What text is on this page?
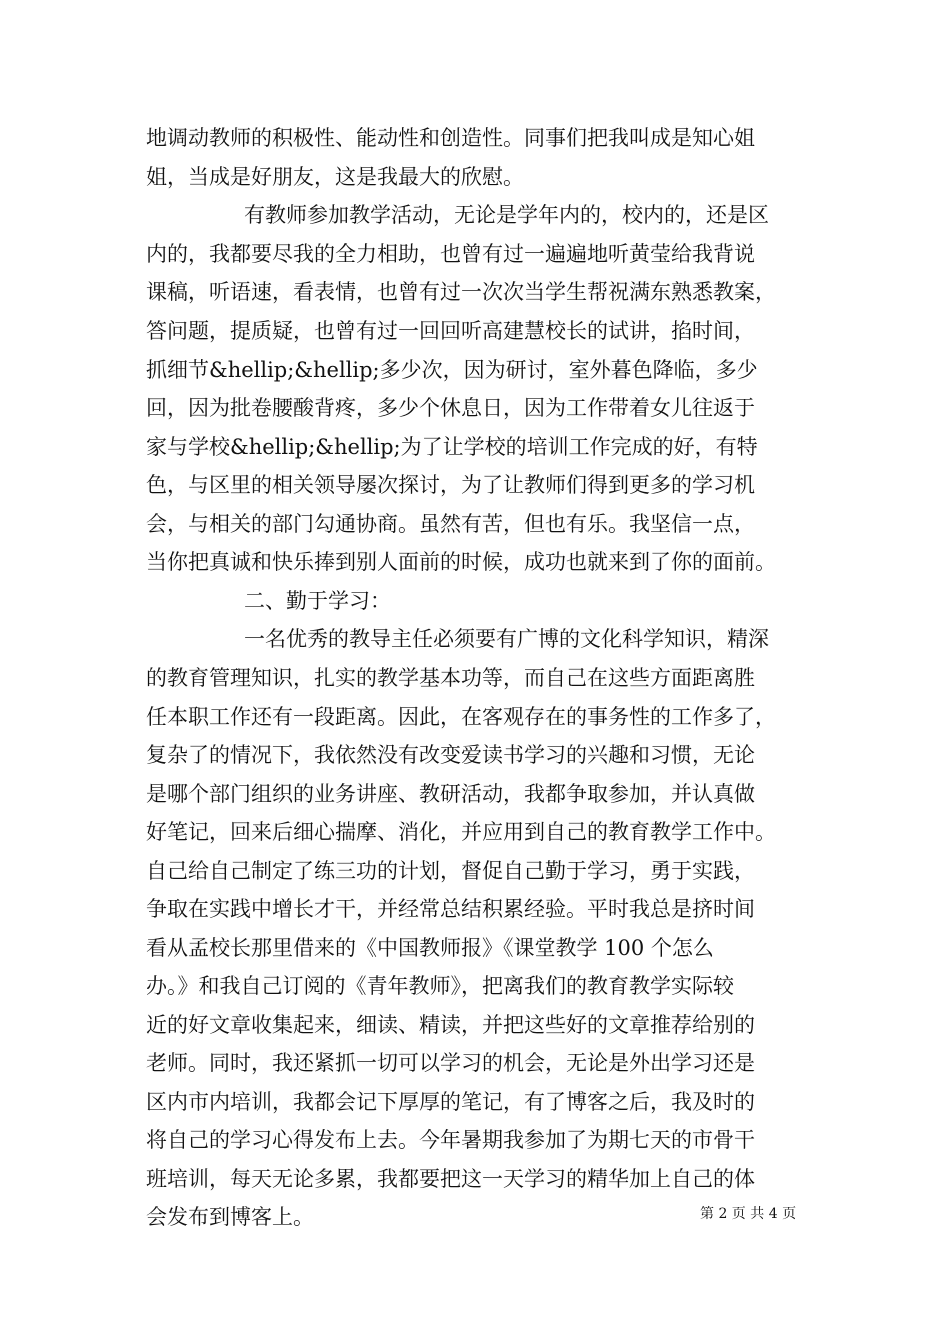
地调动教师的积极性、能动性和创造性。同事们把我叫成是知心姐
姐，当成是好朋友，这是我最大的欣慰。
有教师参加教学活动，无论是学年内的，校内的，还是区
内的，我都要尽我的全力相助，也曾有过一遍遍地听黄莹给我背说
课稿，听语速，看表情，也曾有过一次次当学生帮祝满东熟悉教案，
答问题，提质疑，也曾有过一回回听高建慧校长的试讲，掐时间，
抓细节&hellip;&hellip;多少次，因为研讨，室外暮色降临，多少
回，因为批卷腰酸背疼，多少个休息日，因为工作带着女儿往返于
家与学校&hellip;&hellip;为了让学校的培训工作完成的好，有特
色，与区里的相关领导屡次探讨，为了让教师们得到更多的学习机
会，与相关的部门勾通协商。虽然有苦，但也有乐。我坚信一点，
当你把真诚和快乐捧到别人面前的时候，成功也就来到了你的面前。
二、勤于学习：
一名优秀的教导主任必须要有广博的文化科学知识，精深
的教育管理知识，扎实的教学基本功等，而自己在这些方面距离胜
任本职工作还有一段距离。因此，在客观存在的事务性的工作多了，
复杂了的情况下，我依然没有改变爱读书学习的兴趣和习惯，无论
是哪个部门组织的业务讲座、教研活动，我都争取参加，并认真做
好笔记，回来后细心揣摩、消化，并应用到自己的教育教学工作中。
自己给自己制定了练三功的计划，督促自己勤于学习，勇于实践，
争取在实践中增长才干，并经常总结积累经验。平时我总是挤时间
看从孟校长那里借来的《中国教师报》《课堂教学 100 个怎么
办。》和我自己订阅的《青年教师》，把离我们的教育教学实际较
近的好文章收集起来，细读、精读，并把这些好的文章推荐给别的
老师。同时，我还紧抓一切可以学习的机会，无论是外出学习还是
区内市内培训，我都会记下厚厚的笔记，有了博客之后，我及时的
将自己的学习心得发布上去。今年暑期我参加了为期七天的市骨干
班培训，每天无论多累，我都要把这一天学习的精华加上自己的体
会发布到博客上。	第 2 页 共 4 页
